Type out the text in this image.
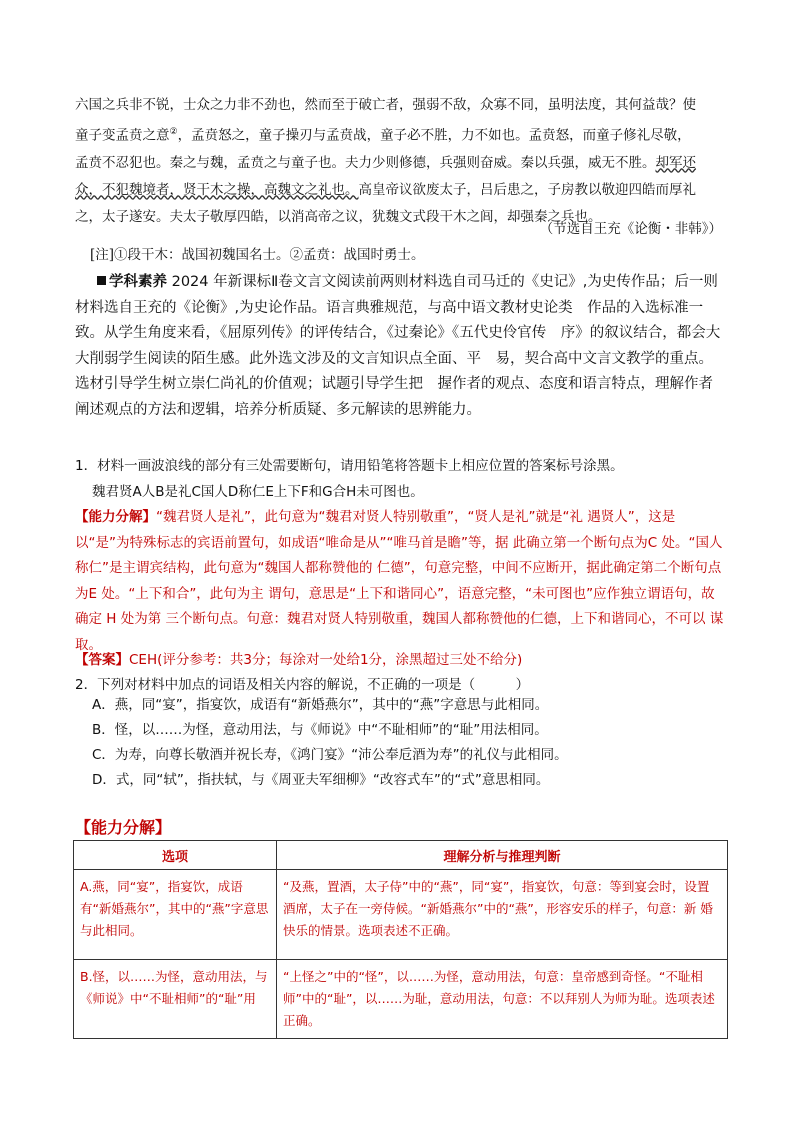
六国之兵非不锐，士众之力非不劲也，然而至于破亡者，强弱不敌，众寡不同，虽明法度，其何益哉？使
童子变孟贲之意②，孟贲怒之，童子操刃与孟贲战，童子必不胜，力不如也。孟贲怒，而童子修礼尽敬，
孟贲不忍犯也。秦之与魏，孟贲之与童子也。夫力少则修德，兵强则奋威。秦以兵强，威无不胜。却军还
众，不犯魏境者，贤干木之操，高魏文之礼也。高皇帝议欲废太子，吕后患之，子房教以敬迎四皓而厚礼
之，太子遂安。夫太子敬厚四皓，以消高帝之议，犹魏文式段干木之闾，却强秦之兵也。
（节选自王充《论衡・非韩》）
[注]①段干木：战国初魏国名士。②孟贲：战国时勇士。
学科素养 2024 年新课标Ⅱ卷文言文阅读前两则材料选自司马迁的《史记》,为史传作品；后一则材料选自王充的《论衡》,为史论作品。语言典雅规范，与高中语文教材史论类　作品的入选标准一致。从学生角度来看，《屈原列传》的评传结合，《过秦论》《五代史伶官传　序》的叙议结合，都会大大削弱学生阅读的陌生感。此外选文涉及的文言知识点全面、平　易，契合高中文言文教学的重点。选材引导学生树立崇仁尚礼的价值观；试题引导学生把　握作者的观点、态度和语言特点，理解作者阐述观点的方法和逻辑，培养分析质疑、多元解读的思辨能力。
1．材料一画波浪线的部分有三处需要断句，请用铅笔将答题卡上相应位置的答案标号涂黑。
魏君贤A人B是礼C国人D称仁E上下F和G合H未可图也。
【能力分解】“魏君贤人是礼”，此句意为“魏君对贤人特别敬重”，“贤人是礼”就是“礼 遇贤人”，这是以“是”为特殊标志的宾语前置句，如成语“唯命是从”“唯马首是瞻”等，据 此确立第一个断句点为C 处。“国人称仁”是主谓宾结构，此句意为“魏国人都称赞他的 仁德”，句意完整，中间不应断开，据此确定第二个断句点为E 处。“上下和合”，此句为主 谓句，意思是“上下和谐同心”，语意完整，“未可图也”应作独立谓语句，故确定 H 处为第 三个断句点。句意：魏君对贤人特别敬重，魏国人都称赞他的仁德，上下和谐同心，不可以 谋取。
【答案】CEH(评分参考：共3分；每涂对一处给1分，涂黑超过三处不给分)
2．下列对材料中加点的词语及相关内容的解说，不正确的一项是（　　　）
A．燕，同“宴”，指宴饮，成语有“新婚燕尔”，其中的“燕”字意思与此相同。
B．怪，以……为怪，意动用法，与《师说》中“不耻相师”的“耻”用法相同。
C．为寿，向尊长敬酒并祝长寿，《鸿门宴》“沛公奉卮酒为寿”的礼仪与此相同。
D．式，同“轼”，指扶轼，与《周亚夫军细柳》“改容式车”的“式”意思相同。
【能力分解】
选项	理解分析与推理判断
A.燕，同“宴”，指宴饮，成语有“新婚燕尔”，其中的“燕”字意思与此相同。	“及燕，置酒，太子侍”中的“燕”，同“宴”，指宴饮，句意：等到宴会时，设置 酒席，太子在一旁侍候。“新婚燕尔”中的“燕”，形容安乐的样子，句意：新 婚快乐的情景。选项表述不正确。
B.怪，以……为怪，意动用法，与《师说》中“不耻相师”的“耻”用	“上怪之”中的“怪”，以……为怪，意动用法，句意：皇帝感到奇怪。“不耻相师”中的“耻”，以……为耻，意动用法，句意：不以拜别人为师为耻。选项表述正确。
